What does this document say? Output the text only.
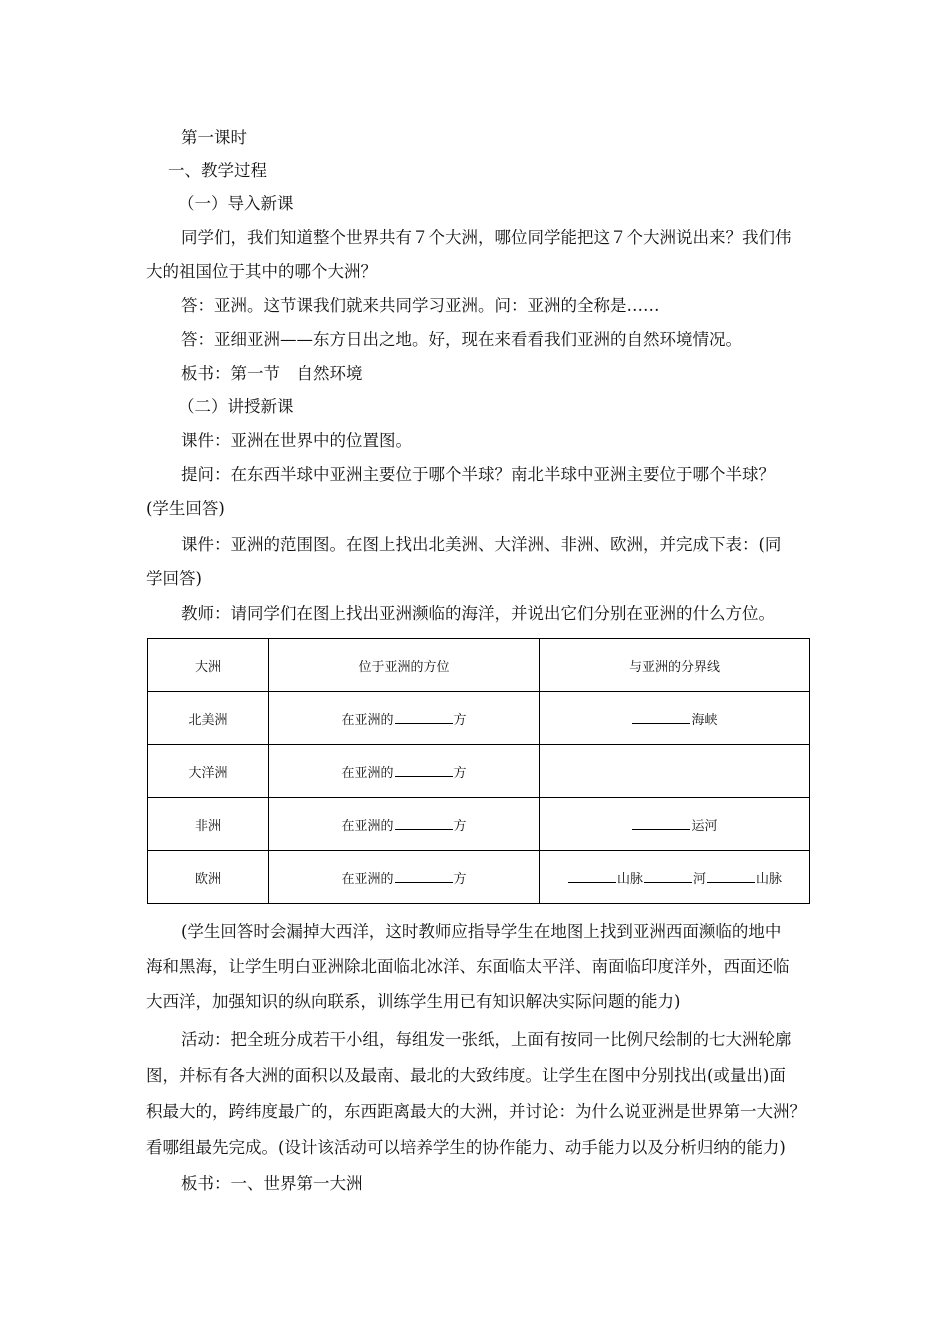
第一课时
一、教学过程
（一）导入新课
同学们，我们知道整个世界共有７个大洲，哪位同学能把这７个大洲说出来？我们伟
大的祖国位于其中的哪个大洲？
答：亚洲。这节课我们就来共同学习亚洲。问：亚洲的全称是……
答：亚细亚洲——东方日出之地。好，现在来看看我们亚洲的自然环境情况。
板书：第一节　自然环境
（二）讲授新课
课件：亚洲在世界中的位置图。
提问：在东西半球中亚洲主要位于哪个半球？南北半球中亚洲主要位于哪个半球？
(学生回答)
课件：亚洲的范围图。在图上找出北美洲、大洋洲、非洲、欧洲，并完成下表：(同
学回答)
教师：请同学们在图上找出亚洲濒临的海洋，并说出它们分别在亚洲的什么方位。
大洲	位于亚洲的方位	与亚洲的分界线
北美洲	在亚洲的 方	海峡
大洋洲	在亚洲的 方	
非洲	在亚洲的 方	运河
欧洲	在亚洲的 方	山脉 河 山脉
(学生回答时会漏掉大西洋，这时教师应指导学生在地图上找到亚洲西面濒临的地中
海和黑海，让学生明白亚洲除北面临北冰洋、东面临太平洋、南面临印度洋外，西面还临
大西洋，加强知识的纵向联系，训练学生用已有知识解决实际问题的能力)
活动：把全班分成若干小组，每组发一张纸，上面有按同一比例尺绘制的七大洲轮廓
图，并标有各大洲的面积以及最南、最北的大致纬度。让学生在图中分别找出(或量出)面
积最大的，跨纬度最广的，东西距离最大的大洲，并讨论：为什么说亚洲是世界第一大洲？
看哪组最先完成。(设计该活动可以培养学生的协作能力、动手能力以及分析归纳的能力)
板书：一、世界第一大洲
